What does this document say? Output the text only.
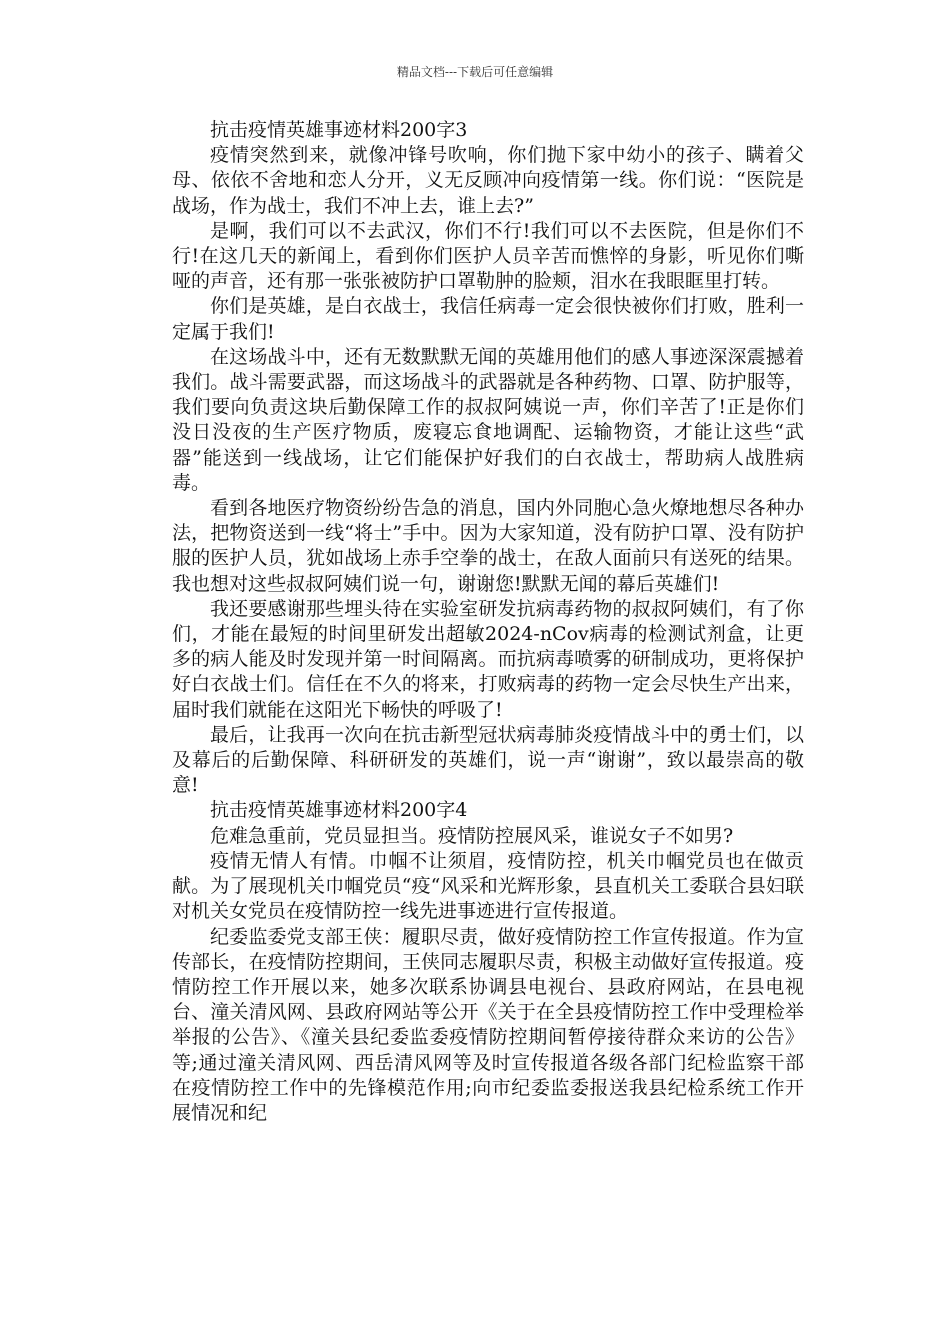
精品文档---下载后可任意编辑

抗击疫情英雄事迹材料200字3

疫情突然到来，就像冲锋号吹响，你们抛下家中幼小的孩子、瞒着父母、依依不舍地和恋人分开，义无反顾冲向疫情第一线。你们说：“医院是战场，作为战士，我们不冲上去，谁上去?”

是啊，我们可以不去武汉，你们不行!我们可以不去医院，但是你们不行!在这几天的新闻上，看到你们医护人员辛苦而憔悴的身影，听见你们嘶哑的声音，还有那一张张被防护口罩勒肿的脸颊，泪水在我眼眶里打转。

你们是英雄，是白衣战士，我信任病毒一定会很快被你们打败，胜利一定属于我们!

在这场战斗中，还有无数默默无闻的英雄用他们的感人事迹深深震撼着我们。战斗需要武器，而这场战斗的武器就是各种药物、口罩、防护服等，我们要向负责这块后勤保障工作的叔叔阿姨说一声，你们辛苦了!正是你们没日没夜的生产医疗物质，废寝忘食地调配、运输物资，才能让这些“武器”能送到一线战场，让它们能保护好我们的白衣战士，帮助病人战胜病毒。

看到各地医疗物资纷纷告急的消息，国内外同胞心急火燎地想尽各种办法，把物资送到一线“将士”手中。因为大家知道，没有防护口罩、没有防护服的医护人员，犹如战场上赤手空拳的战士，在敌人面前只有送死的结果。我也想对这些叔叔阿姨们说一句，谢谢您!默默无闻的幕后英雄们!

我还要感谢那些埋头待在实验室研发抗病毒药物的叔叔阿姨们，有了你们，才能在最短的时间里研发出超敏2024-nCov病毒的检测试剂盒，让更多的病人能及时发现并第一时间隔离。而抗病毒喷雾的研制成功，更将保护好白衣战士们。信任在不久的将来，打败病毒的药物一定会尽快生产出来，届时我们就能在这阳光下畅快的呼吸了!

最后，让我再一次向在抗击新型冠状病毒肺炎疫情战斗中的勇士们，以及幕后的后勤保障、科研研发的英雄们，说一声“谢谢”，致以最崇高的敬意!

抗击疫情英雄事迹材料200字4

危难急重前，党员显担当。疫情防控展风采，谁说女子不如男?

疫情无情人有情。巾帼不让须眉，疫情防控，机关巾帼党员也在做贡献。为了展现机关巾帼党员“疫“风采和光辉形象，县直机关工委联合县妇联对机关女党员在疫情防控一线先进事迹进行宣传报道。

纪委监委党支部王侠：履职尽责，做好疫情防控工作宣传报道。作为宣传部长，在疫情防控期间，王侠同志履职尽责，积极主动做好宣传报道。疫情防控工作开展以来，她多次联系协调县电视台、县政府网站，在县电视台、潼关清风网、县政府网站等公开《关于在全县疫情防控工作中受理检举举报的公告》、《潼关县纪委监委疫情防控期间暂停接待群众来访的公告》等;通过潼关清风网、西岳清风网等及时宣传报道各级各部门纪检监察干部在疫情防控工作中的先锋模范作用;向市纪委监委报送我县纪检系统工作开展情况和纪
